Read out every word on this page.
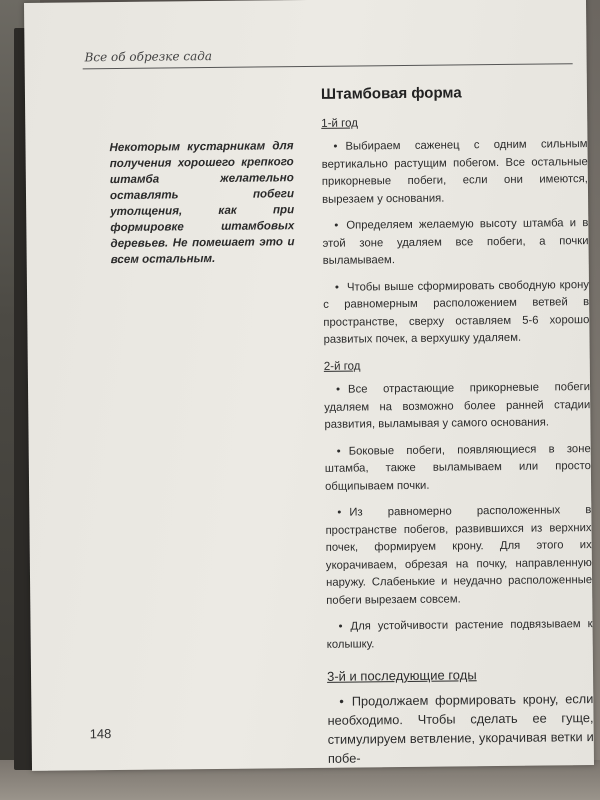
Все об обрезке сада
Некоторым кустарникам для получения хорошего крепкого штамба желательно оставлять побеги утолщения, как при формировке штамбовых деревьев. Не помешает это и всем остальным.
Штамбовая форма
1-й год

• Выбираем саженец с одним сильным вертикально растущим побегом. Все остальные прикорневые побеги, если они имеются, вырезаем у основания.

• Определяем желаемую высоту штамба и в этой зоне удаляем все побеги, а почки выламываем.

• Чтобы выше сформировать свободную крону с равномерным расположением ветвей в пространстве, сверху оставляем 5-6 хорошо развитых почек, а верхушку удаляем.

2-й год

• Все отрастающие прикорневые побеги удаляем на возможно более ранней стадии развития, выламывая у самого основания.

• Боковые побеги, появляющиеся в зоне штамба, также выламываем или просто общипываем почки.

• Из равномерно расположенных в пространстве побегов, развившихся из верхних почек, формируем крону. Для этого их укорачиваем, обрезая на почку, направленную наружу. Слабенькие и неудачно расположенные побеги вырезаем совсем.

• Для устойчивости растение подвязываем к колышку.

3-й и последующие годы

• Продолжаем формировать крону, если необходимо. Чтобы сделать ее гуще, стимулируем ветвление, укорачивая ветки и побе-

148
